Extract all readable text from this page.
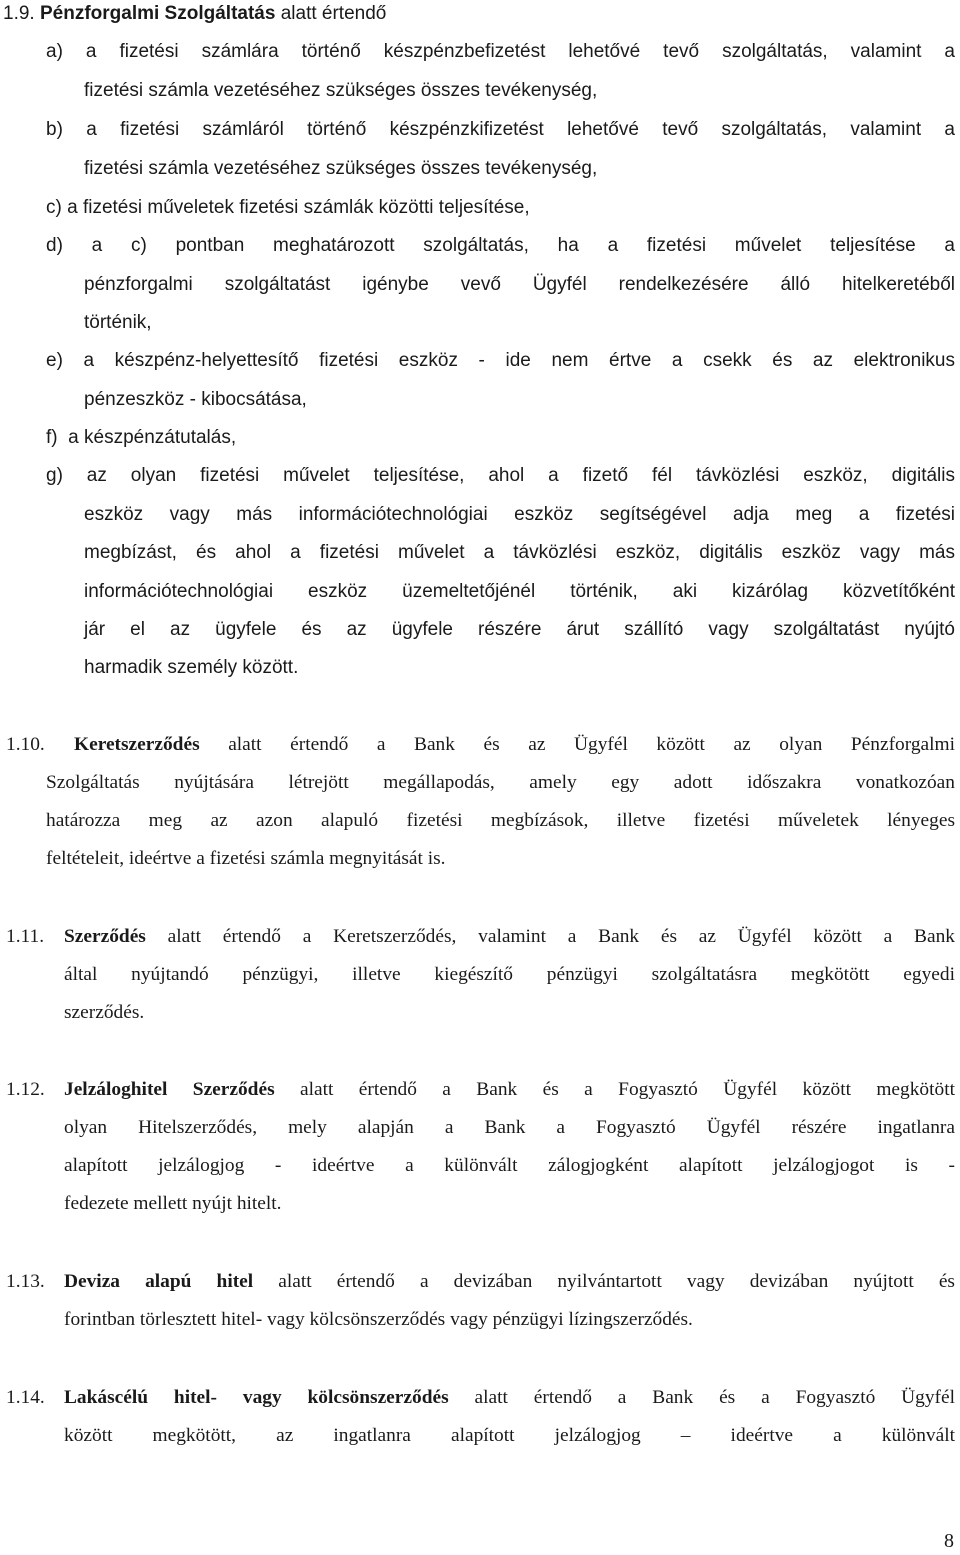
1.9. Pénzforgalmi Szolgáltatás alatt értendő
a) a fizetési számlára történő készpénzbefizetést lehetővé tevő szolgáltatás, valamint a
fizetési számla vezetéséhez szükséges összes tevékenység,
b) a fizetési számláról történő készpénzkifizetést lehetővé tevő szolgáltatás, valamint a
fizetési számla vezetéséhez szükséges összes tevékenység,
c) a fizetési műveletek fizetési számlák közötti teljesítése,
d) a c) pontban meghatározott szolgáltatás, ha a fizetési művelet teljesítése a
pénzforgalmi szolgáltatást igénybe vevő Ügyfél rendelkezésére álló hitelkeretéből
történik,
e) a készpénz-helyettesítő fizetési eszköz - ide nem értve a csekk és az elektronikus
pénzeszköz - kibocsátása,
f)  a készpénzátutalás,
g) az olyan fizetési művelet teljesítése, ahol a fizető fél távközlési eszköz, digitális
eszköz vagy más információtechnológiai eszköz segítségével adja meg a fizetési
megbízást, és ahol a fizetési művelet a távközlési eszköz, digitális eszköz vagy más
információtechnológiai eszköz üzemeltetőjénél történik, aki kizárólag közvetítőként
jár el az ügyfele és az ügyfele részére árut szállító vagy szolgáltatást nyújtó
harmadik személy között.
1.10. Keretszerződés alatt értendő a Bank és az Ügyfél között az olyan Pénzforgalmi
Szolgáltatás nyújtására létrejött megállapodás, amely egy adott időszakra vonatkozóan
határozza meg az azon alapuló fizetési megbízások, illetve fizetési műveletek lényeges
feltételeit, ideértve a fizetési számla megnyitását is.
1.11. Szerződés alatt értendő a Keretszerződés, valamint a Bank és az Ügyfél között a Bank
által nyújtandó pénzügyi, illetve kiegészítő pénzügyi szolgáltatásra megkötött egyedi
szerződés.
1.12. Jelzáloghitel Szerződés alatt értendő a Bank és a Fogyasztó Ügyfél között megkötött
olyan Hitelszerződés, mely alapján a Bank a Fogyasztó Ügyfél részére ingatlanra
alapított jelzálogjog - ideértve a különvált zálogjogként alapított jelzálogjogot is -
fedezete mellett nyújt hitelt.
1.13. Deviza alapú hitel alatt értendő a devizában nyilvántartott vagy devizában nyújtott és
forintban törlesztett hitel- vagy kölcsönszerződés vagy pénzügyi lízingszerződés.
1.14. Lakáscélú hitel- vagy kölcsönszerződés alatt értendő a Bank és a Fogyasztó Ügyfél
között megkötött, az ingatlanra alapított jelzálogjog – ideértve a különvált
8
